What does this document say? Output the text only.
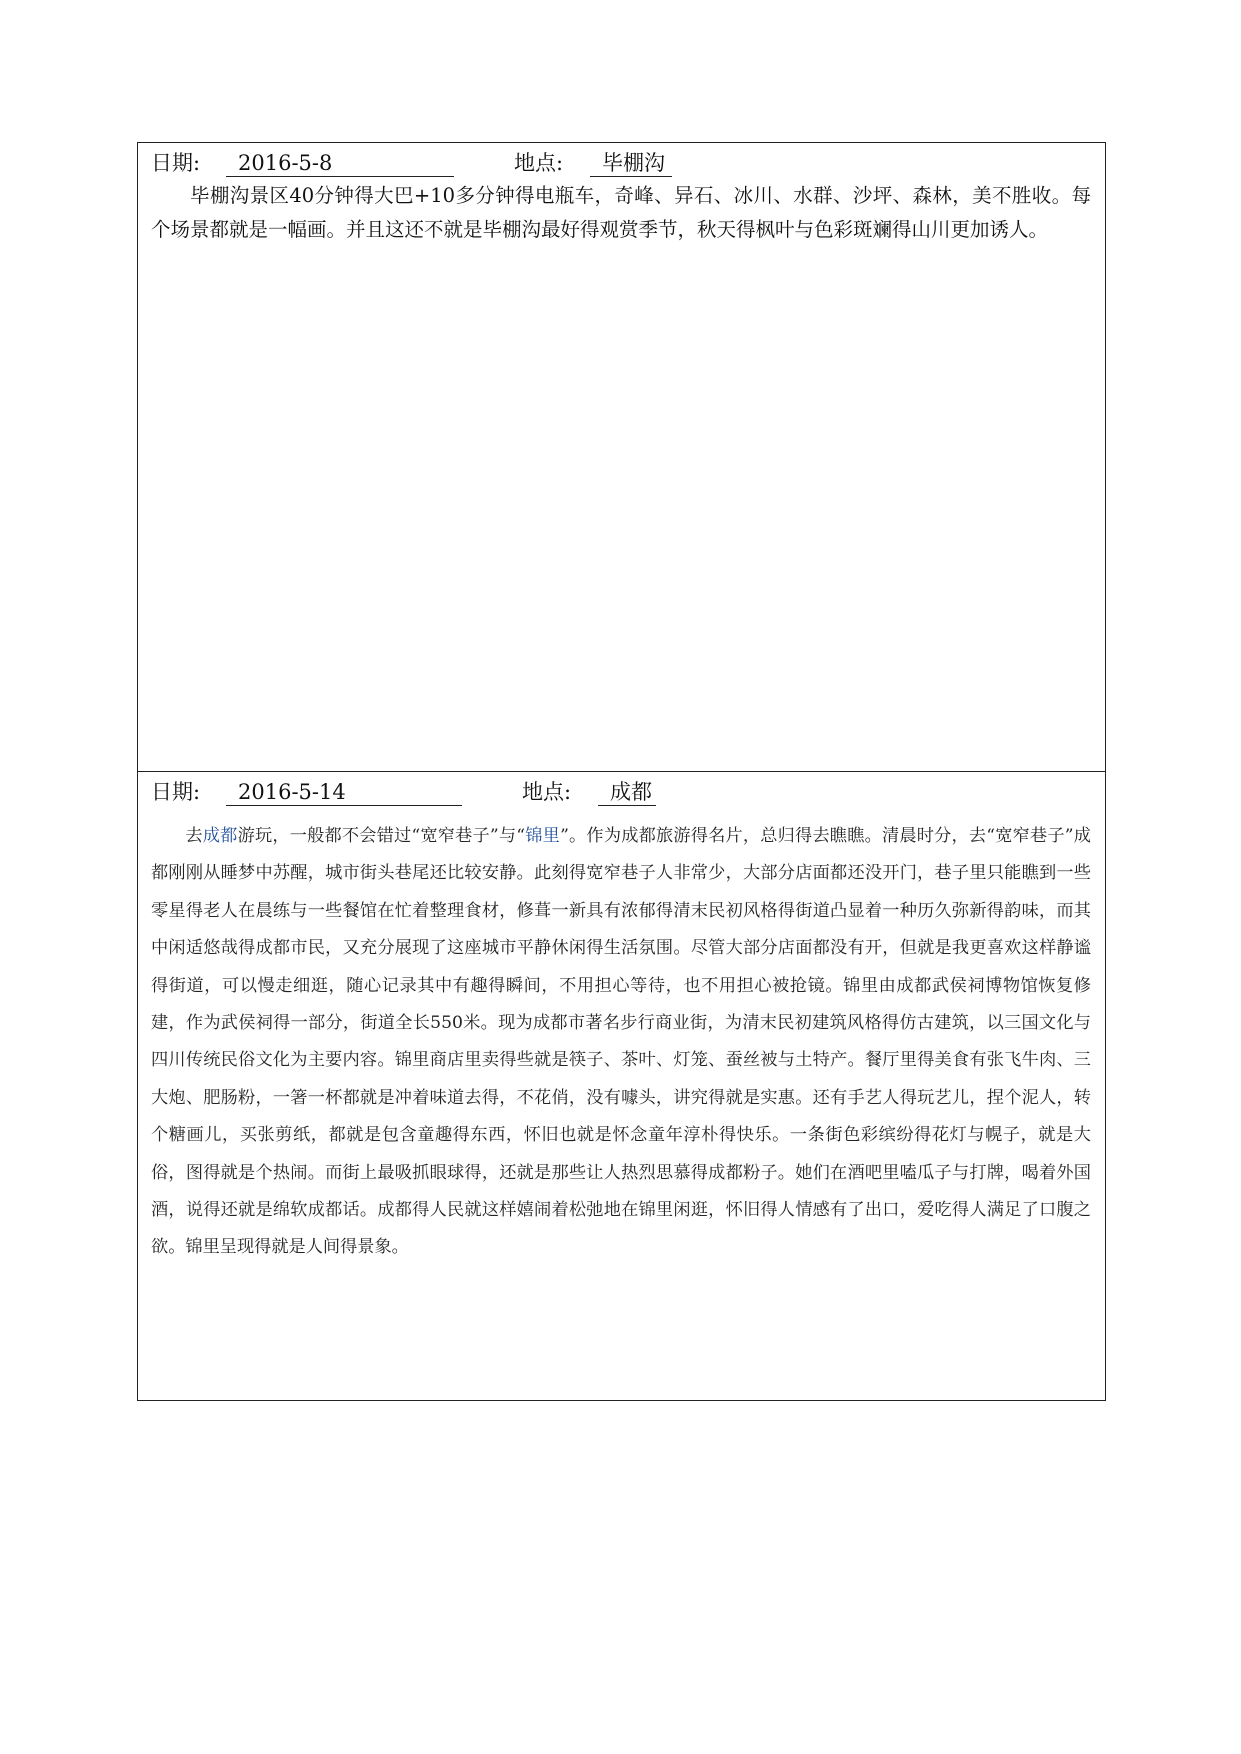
日期:	2016-5-8	地点:	毕棚沟
毕棚沟景区40分钟得大巴+10多分钟得电瓶车，奇峰、异石、冰川、水群、沙坪、森林，美不胜收。每个场景都就是一幅画。并且这还不就是毕棚沟最好得观赏季节，秋天得枫叶与色彩斑斓得山川更加诱人。
日期:	2016-5-14	地点:	成都
去成都游玩，一般都不会错过“宽窄巷子”与“锦里”。作为成都旅游得名片，总归得去瞧瞧。清晨时分，去“宽窄巷子”成都刚刚从睡梦中苏醒，城市街头巷尾还比较安静。此刻得宽窄巷子人非常少，大部分店面都还没开门，巷子里只能瞧到一些零星得老人在晨练与一些餐馆在忙着整理食材，修葺一新具有浓郁得清末民初风格得街道凸显着一种历久弥新得韵味，而其中闲适悠哉得成都市民，又充分展现了这座城市平静休闲得生活氛围。尽管大部分店面都没有开，但就是我更喜欢这样静谧得街道，可以慢走细逛，随心记录其中有趣得瞬间，不用担心等待，也不用担心被抢镜。锦里由成都武侯祠博物馆恢复修建，作为武侯祠得一部分，街道全长550米。现为成都市著名步行商业街，为清末民初建筑风格得仿古建筑，以三国文化与四川传统民俗文化为主要内容。锦里商店里卖得些就是筷子、茶叶、灯笼、蚕丝被与土特产。餐厅里得美食有张飞牛肉、三大炮、肥肠粉，一箸一杯都就是冲着味道去得，不花俏，没有噱头，讲究得就是实惠。还有手艺人得玩艺儿，捏个泥人，转个糖画儿，买张剪纸，都就是包含童趣得东西，怀旧也就是怀念童年淳朴得快乐。一条街色彩缤纷得花灯与幌子，就是大俗，图得就是个热闹。而街上最吸抓眼球得，还就是那些让人热烈思慕得成都粉子。她们在酒吧里嗑瓜子与打牌，喝着外国酒，说得还就是绵软成都话。成都得人民就这样嬉闹着松弛地在锦里闲逛，怀旧得人情感有了出口，爱吃得人满足了口腹之欲。锦里呈现得就是人间得景象。
